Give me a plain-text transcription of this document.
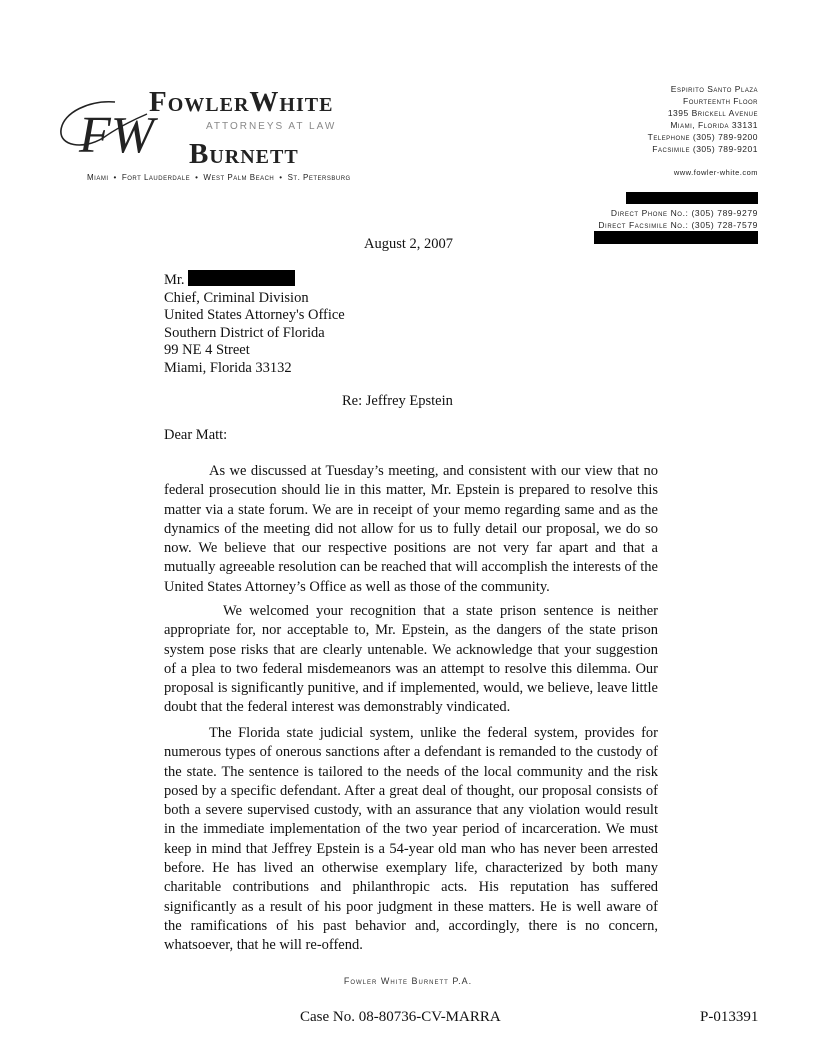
FW
FowlerWhite
ATTORNEYS AT LAW
Burnett
Miami • Fort Lauderdale • West Palm Beach • St. Petersburg
Espirito Santo Plaza
Fourteenth Floor
1395 Brickell Avenue
Miami, Florida 33131
Telephone (305) 789-9200
Facsimile (305) 789-9201
www.fowler-white.com
Direct Phone No.: (305) 789-9279
Direct Facsimile No.: (305) 728-7579
August 2, 2007
Mr.
Chief, Criminal Division
United States Attorney's Office
Southern District of Florida
99 NE 4 Street
Miami, Florida 33132
Re: Jeffrey Epstein
Dear Matt:

As we discussed at Tuesday’s meeting, and consistent with our view that no federal prosecution should lie in this matter, Mr. Epstein is prepared to resolve this matter via a state forum. We are in receipt of your memo regarding same and as the dynamics of the meeting did not allow for us to fully detail our proposal, we do so now. We believe that our respective positions are not very far apart and that a mutually agreeable resolution can be reached that will accomplish the interests of the United States Attorney’s Office as well as those of the community.

We welcomed your recognition that a state prison sentence is neither appropriate for, nor acceptable to, Mr. Epstein, as the dangers of the state prison system pose risks that are clearly untenable. We acknowledge that your suggestion of a plea to two federal misdemeanors was an attempt to resolve this dilemma. Our proposal is significantly punitive, and if implemented, would, we believe, leave little doubt that the federal interest was demonstrably vindicated.

The Florida state judicial system, unlike the federal system, provides for numerous types of onerous sanctions after a defendant is remanded to the custody of the state. The sentence is tailored to the needs of the local community and the risk posed by a specific defendant. After a great deal of thought, our proposal consists of both a severe supervised custody, with an assurance that any violation would result in the immediate implementation of the two year period of incarceration. We must keep in mind that Jeffrey Epstein is a 54-year old man who has never been arrested before. He has lived an otherwise exemplary life, characterized by both many charitable contributions and philanthropic acts. His reputation has suffered significantly as a result of his poor judgment in these matters. He is well aware of the ramifications of his past behavior and, accordingly, there is no concern, whatsoever, that he will re-offend.

Fowler White Burnett P.A.
Case No. 08-80736-CV-MARRA	P-013391
